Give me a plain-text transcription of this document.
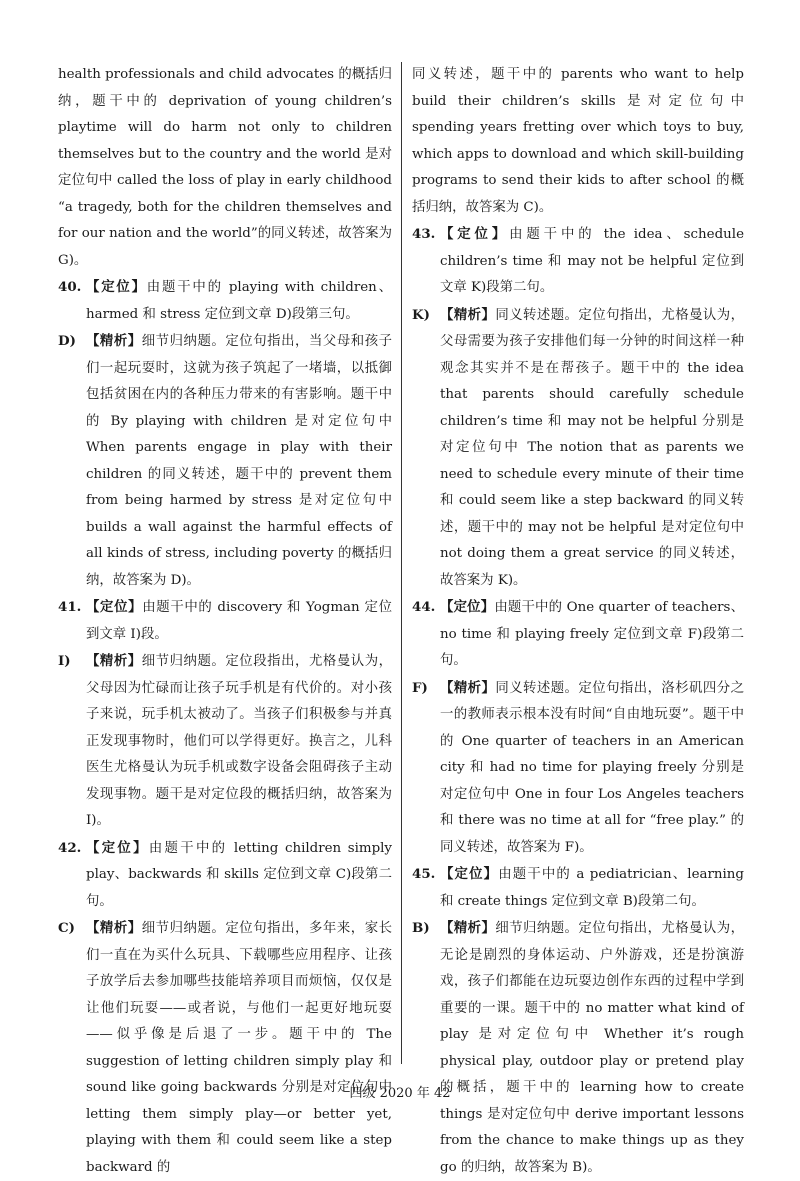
health professionals and child advocates 的概括归纳，题干中的 deprivation of young children’s playtime will do harm not only to children themselves but to the country and the world 是对定位句中 called the loss of play in early childhood “a tragedy, both for the children themselves and for our nation and the world”的同义转述，故答案为 G)。

40. 【定位】由题干中的 playing with children、harmed 和 stress 定位到文章 D)段第三句。

D) 【精析】细节归纳题。定位句指出，当父母和孩子们一起玩耍时，这就为孩子筑起了一堵墙，以抵御包括贫困在内的各种压力带来的有害影响。题干中的 By playing with children 是对定位句中 When parents engage in play with their children 的同义转述，题干中的 prevent them from being harmed by stress 是对定位句中 builds a wall against the harmful effects of all kinds of stress, including poverty 的概括归纳，故答案为 D)。

41. 【定位】由题干中的 discovery 和 Yogman 定位到文章 I)段。

I)	【精析】细节归纳题。定位段指出，尤格曼认为，父母因为忙碌而让孩子玩手机是有代价的。对小孩子来说，玩手机太被动了。当孩子们积极参与并真正发现事物时，他们可以学得更好。换言之，儿科医生尤格曼认为玩手机或数字设备会阻碍孩子主动发现事物。题干是对定位段的概括归纳，故答案为 I)。

42. 【定位】由题干中的 letting children simply play、backwards 和 skills 定位到文章 C)段第二句。

C) 【精析】细节归纳题。定位句指出，多年来，家长们一直在为买什么玩具、下载哪些应用程序、让孩子放学后去参加哪些技能培养项目而烦恼，仅仅是让他们玩耍——或者说，与他们一起更好地玩耍——似乎像是后退了一步。题干中的 The suggestion of letting children simply play 和 sound like going backwards 分别是对定位句中 letting them simply play—or better yet, playing with them 和 could seem like a step backward 的

同义转述，题干中的 parents who want to help build their children’s skills 是对定位句中 spending years fretting over which toys to buy, which apps to download and which skill-building programs to send their kids to after school 的概括归纳，故答案为 C)。

43. 【定位】由题干中的 the idea、schedule children’s time 和 may not be helpful 定位到文章 K)段第二句。

K) 【精析】同义转述题。定位句指出，尤格曼认为，父母需要为孩子安排他们每一分钟的时间这样一种观念其实并不是在帮孩子。题干中的 the idea that parents should carefully schedule children’s time 和 may not be helpful 分别是对定位句中 The notion that as parents we need to schedule every minute of their time 和 could seem like a step backward 的同义转述，题干中的 may not be helpful 是对定位句中 not doing them a great service 的同义转述，故答案为 K)。

44. 【定位】由题干中的 One quarter of teachers、no time 和 playing freely 定位到文章 F)段第二句。

F) 【精析】同义转述题。定位句指出，洛杉矶四分之一的教师表示根本没有时间“自由地玩耍”。题干中的 One quarter of teachers in an American city 和 had no time for playing freely 分别是对定位句中 One in four Los Angeles teachers 和 there was no time at all for “free play.” 的同义转述，故答案为 F)。

45. 【定位】由题干中的 a pediatrician、learning 和 create things 定位到文章 B)段第二句。

B) 【精析】细节归纳题。定位句指出，尤格曼认为，无论是剧烈的身体运动、户外游戏，还是扮演游戏，孩子们都能在边玩耍边创作东西的过程中学到重要的一课。题干中的 no matter what kind of play 是对定位句中 Whether it’s rough physical play, outdoor play or pretend play 的概括，题干中的 learning how to create things 是对定位句中 derive important lessons from the chance to make things up as they go 的归纳，故答案为 B)。

四级 2020 年 42
